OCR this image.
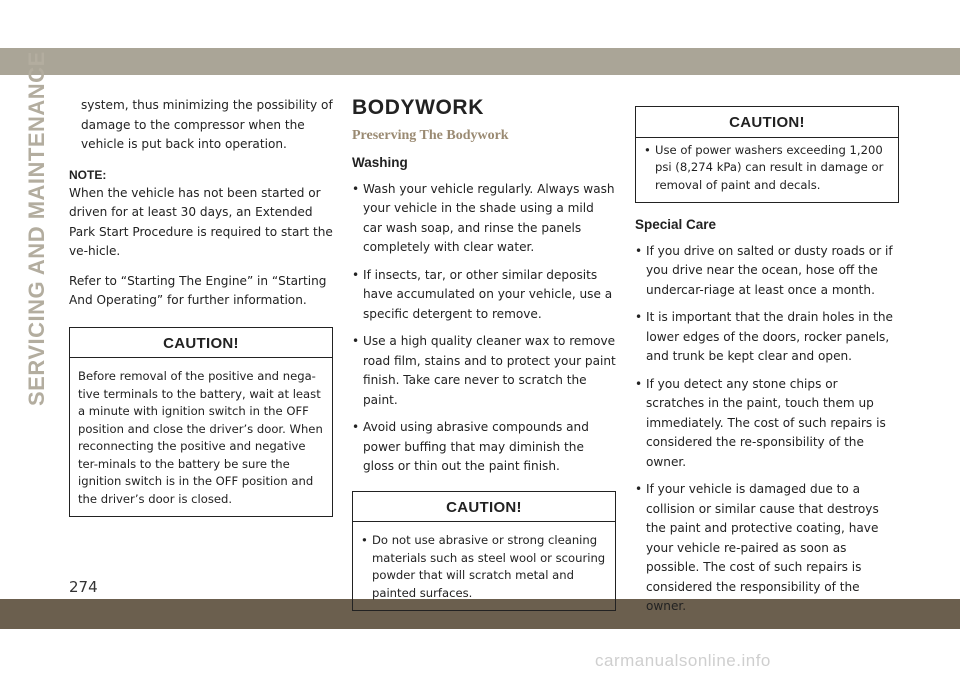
SERVICING AND MAINTENANCE	system, thus minimizing the possibility of damage to the compressor when the vehicle is put back into operation.

NOTE:

When the vehicle has not been started or driven for at least 30 days, an Extended Park Start Procedure is required to start the ve-hicle.

Refer to “Starting The Engine” in “Starting And Operating” for further information.

CAUTION!
Before removal of the positive and nega-tive terminals to the battery, wait at least a minute with ignition switch in the OFF position and close the driver’s door. When reconnecting the positive and negative ter-minals to the battery be sure the ignition switch is in the OFF position and the driver’s door is closed.
BODYWORK
Preserving The Bodywork
Washing
• Wash your vehicle regularly. Always wash your vehicle in the shade using a mild car wash soap, and rinse the panels completely with clear water.
• If insects, tar, or other similar deposits have accumulated on your vehicle, use a specific detergent to remove.
• Use a high quality cleaner wax to remove road film, stains and to protect your paint finish. Take care never to scratch the paint.
• Avoid using abrasive compounds and power buffing that may diminish the gloss or thin out the paint finish.
CAUTION!
• Do not use abrasive or strong cleaning materials such as steel wool or scouring powder that will scratch metal and painted surfaces.
CAUTION!
• Use of power washers exceeding 1,200 psi (8,274 kPa) can result in damage or removal of paint and decals.
Special Care
• If you drive on salted or dusty roads or if you drive near the ocean, hose off the undercar-riage at least once a month.
• It is important that the drain holes in the lower edges of the doors, rocker panels, and trunk be kept clear and open.
• If you detect any stone chips or scratches in the paint, touch them up immediately. The cost of such repairs is considered the re-sponsibility of the owner.
• If your vehicle is damaged due to a collision or similar cause that destroys the paint and protective coating, have your vehicle re-paired as soon as possible. The cost of such repairs is considered the responsibility of the owner.
274
carmanualsonline.info
